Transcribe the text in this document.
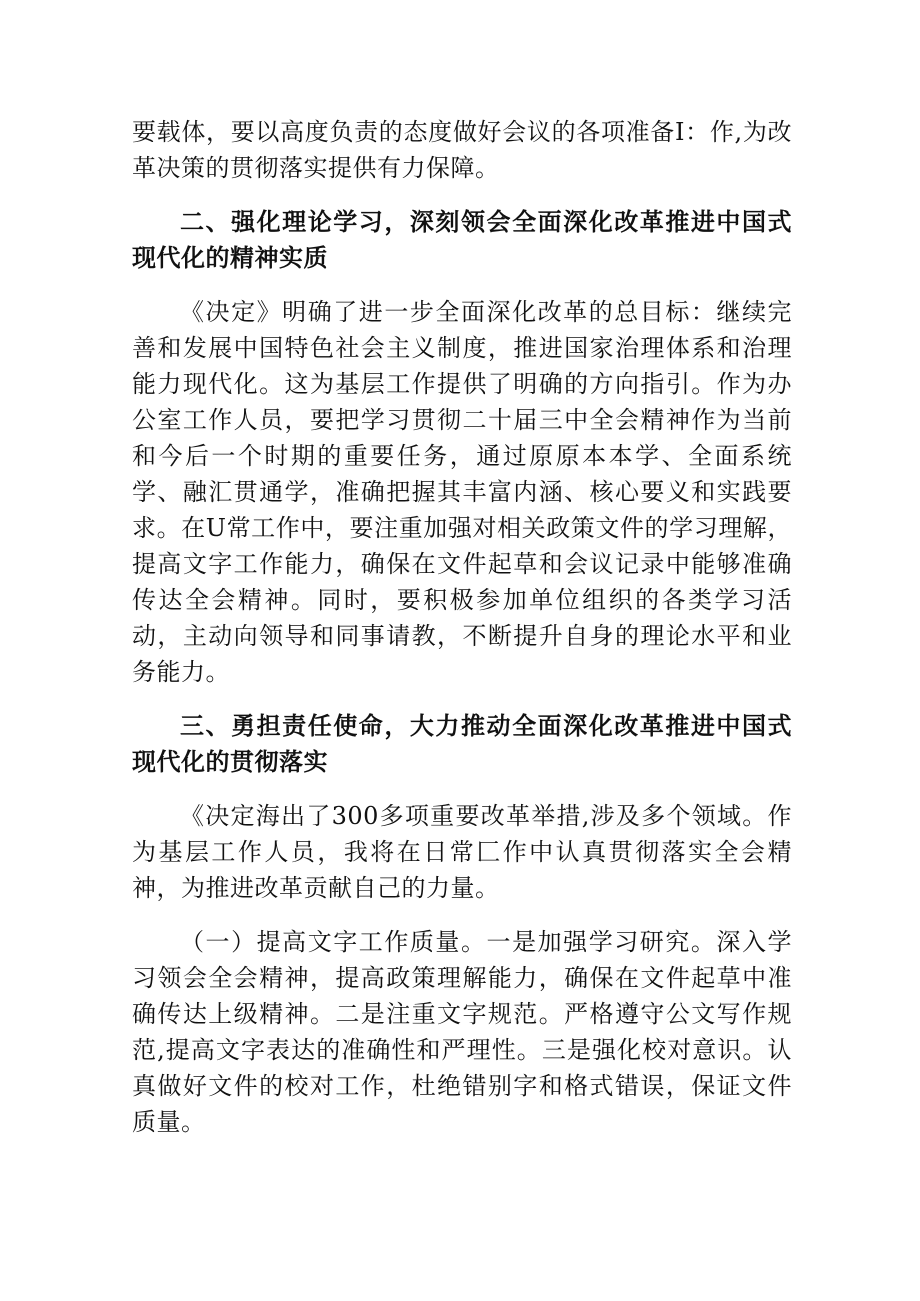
要载体，要以高度负责的态度做好会议的各项准备I：作,为改革决策的贯彻落实提供有力保障。

二、强化理论学习，深刻领会全面深化改革推进中国式现代化的精神实质

《决定》明确了进一步全面深化改革的总目标：继续完善和发展中国特色社会主义制度，推进国家治理体系和治理能力现代化。这为基层工作提供了明确的方向指引。作为办公室工作人员，要把学习贯彻二十届三中全会精神作为当前和今后一个时期的重要任务，通过原原本本学、全面系统学、融汇贯通学，准确把握其丰富内涵、核心要义和实践要求。在U常工作中，要注重加强对相关政策文件的学习理解，提高文字工作能力，确保在文件起草和会议记录中能够准确传达全会精神。同时，要积极参加单位组织的各类学习活动，主动向领导和同事请教，不断提升自身的理论水平和业务能力。

三、勇担责任使命，大力推动全面深化改革推进中国式现代化的贯彻落实

《决定海出了300多项重要改革举措,涉及多个领域。作为基层工作人员，我将在日常匚作中认真贯彻落实全会精神，为推进改革贡献自己的力量。

（一）提高文字工作质量。一是加强学习研究。深入学习领会全会精神，提高政策理解能力，确保在文件起草中准确传达上级精神。二是注重文字规范。严格遵守公文写作规范,提高文字表达的准确性和严理性。三是强化校对意识。认真做好文件的校对工作，杜绝错别字和格式错误，保证文件质量。
